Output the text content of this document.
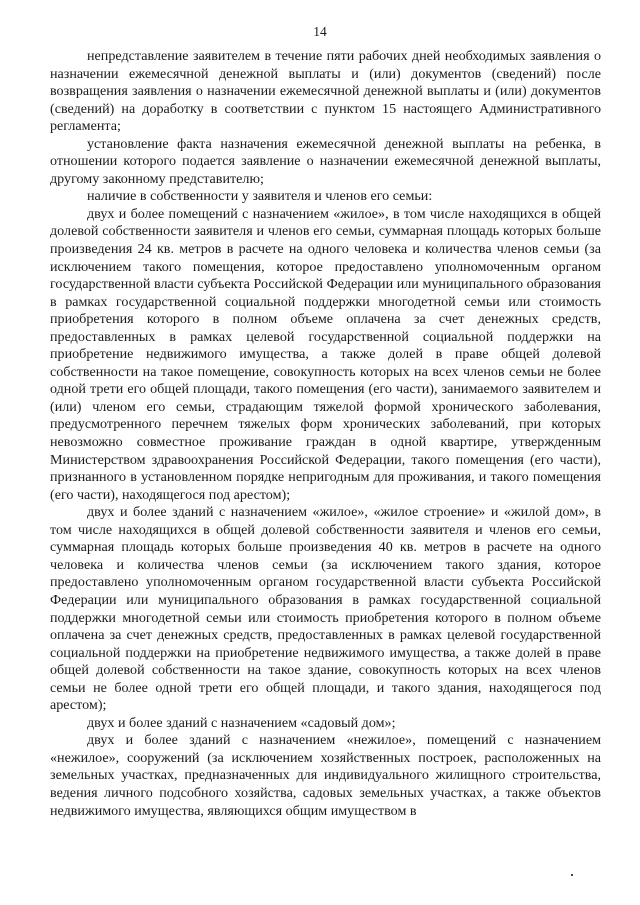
14

непредставление заявителем в течение пяти рабочих дней необходимых заявления о назначении ежемесячной денежной выплаты и (или) документов (сведений) после возвращения заявления о назначении ежемесячной денежной выплаты и (или) документов (сведений) на доработку в соответствии с пунктом 15 настоящего Административного регламента;

установление факта назначения ежемесячной денежной выплаты на ребенка, в отношении которого подается заявление о назначении ежемесячной денежной выплаты, другому законному представителю;

наличие в собственности у заявителя и членов его семьи:

двух и более помещений с назначением «жилое», в том числе находящихся в общей долевой собственности заявителя и членов его семьи, суммарная площадь которых больше произведения 24 кв. метров в расчете на одного человека и количества членов семьи (за исключением такого помещения, которое предоставлено уполномоченным органом государственной власти субъекта Российской Федерации или муниципального образования в рамках государственной социальной поддержки многодетной семьи или стоимость приобретения которого в полном объеме оплачена за счет денежных средств, предоставленных в рамках целевой государственной социальной поддержки на приобретение недвижимого имущества, а также долей в праве общей долевой собственности на такое помещение, совокупность которых на всех членов семьи не более одной трети его общей площади, такого помещения (его части), занимаемого заявителем и (или) членом его семьи, страдающим тяжелой формой хронического заболевания, предусмотренного перечнем тяжелых форм хронических заболеваний, при которых невозможно совместное проживание граждан в одной квартире, утвержденным Министерством здравоохранения Российской Федерации, такого помещения (его части), признанного в установленном порядке непригодным для проживания, и такого помещения (его части), находящегося под арестом);

двух и более зданий с назначением «жилое», «жилое строение» и «жилой дом», в том числе находящихся в общей долевой собственности заявителя и членов его семьи, суммарная площадь которых больше произведения 40 кв. метров в расчете на одного человека и количества членов семьи (за исключением такого здания, которое предоставлено уполномоченным органом государственной власти субъекта Российской Федерации или муниципального образования в рамках государственной социальной поддержки многодетной семьи или стоимость приобретения которого в полном объеме оплачена за счет денежных средств, предоставленных в рамках целевой государственной социальной поддержки на приобретение недвижимого имущества, а также долей в праве общей долевой собственности на такое здание, совокупность которых на всех членов семьи не более одной трети его общей площади, и такого здания, находящегося под арестом);

двух и более зданий с назначением «садовый дом»;

двух и более зданий с назначением «нежилое», помещений с назначением «нежилое», сооружений (за исключением хозяйственных построек, расположенных на земельных участках, предназначенных для индивидуального жилищного строительства, ведения личного подсобного хозяйства, садовых земельных участках, а также объектов недвижимого имущества, являющихся общим имуществом в
